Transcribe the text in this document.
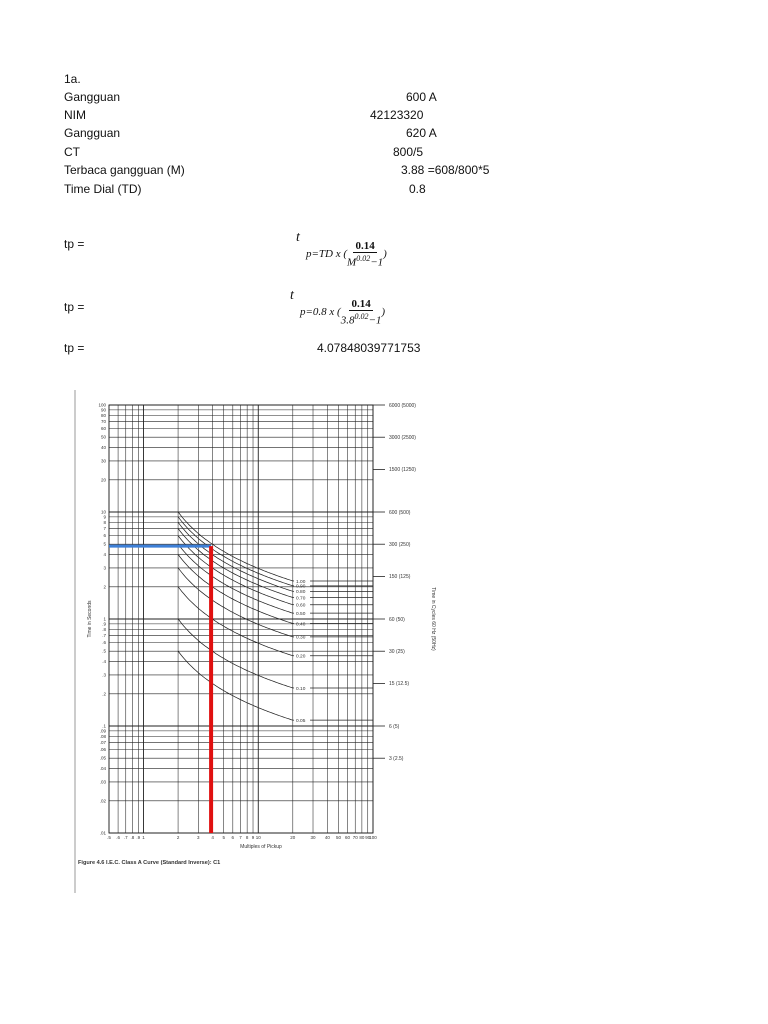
1a.
Gangguan	600 A
NIM	42123320
Gangguan	620 A
CT	800/5
Terbaca gangguan (M)	3.88 =608/800*5
Time Dial (TD)	0.8
tp =	t
p=TD x ( $\frac{0.14}{M^{0.02}-1}$ )
tp =
t
p=0.8 x ( $\frac{0.14}{3.8^{0.02}-1}$ )
tp =	4.07848039771753
100
90
80
70
60
50
40
30
20
10
9
8
7
6
5
4
3
2
1
.9
.8
.7
.6
.5
.4
.3
.2
.1
.09
.08
.07
.06
.05
.04
.03
.02
.01
.5 .6 .7 .8 .9 1	2	3	4 5 6 7 8 9 10	20	30 40 50 60 70 80 90
100
6000 (5000)
3000 (2500)
1500 (1250)
600 (500)
300 (250)
150 (125)
60 (50)
30 (25)
15 (12.5)
6 (5)
3 (2.5)
1.00
0.90
0.80
0.70
0.60
0.50
0.40
0.30
0.20
0.10
0.05
Multiples of Pickup
Time in Seconds	Time in Cycles 60 Hz (50Hz)
Figure 4.6 I.E.C. Class A Curve (Standard Inverse): C1
